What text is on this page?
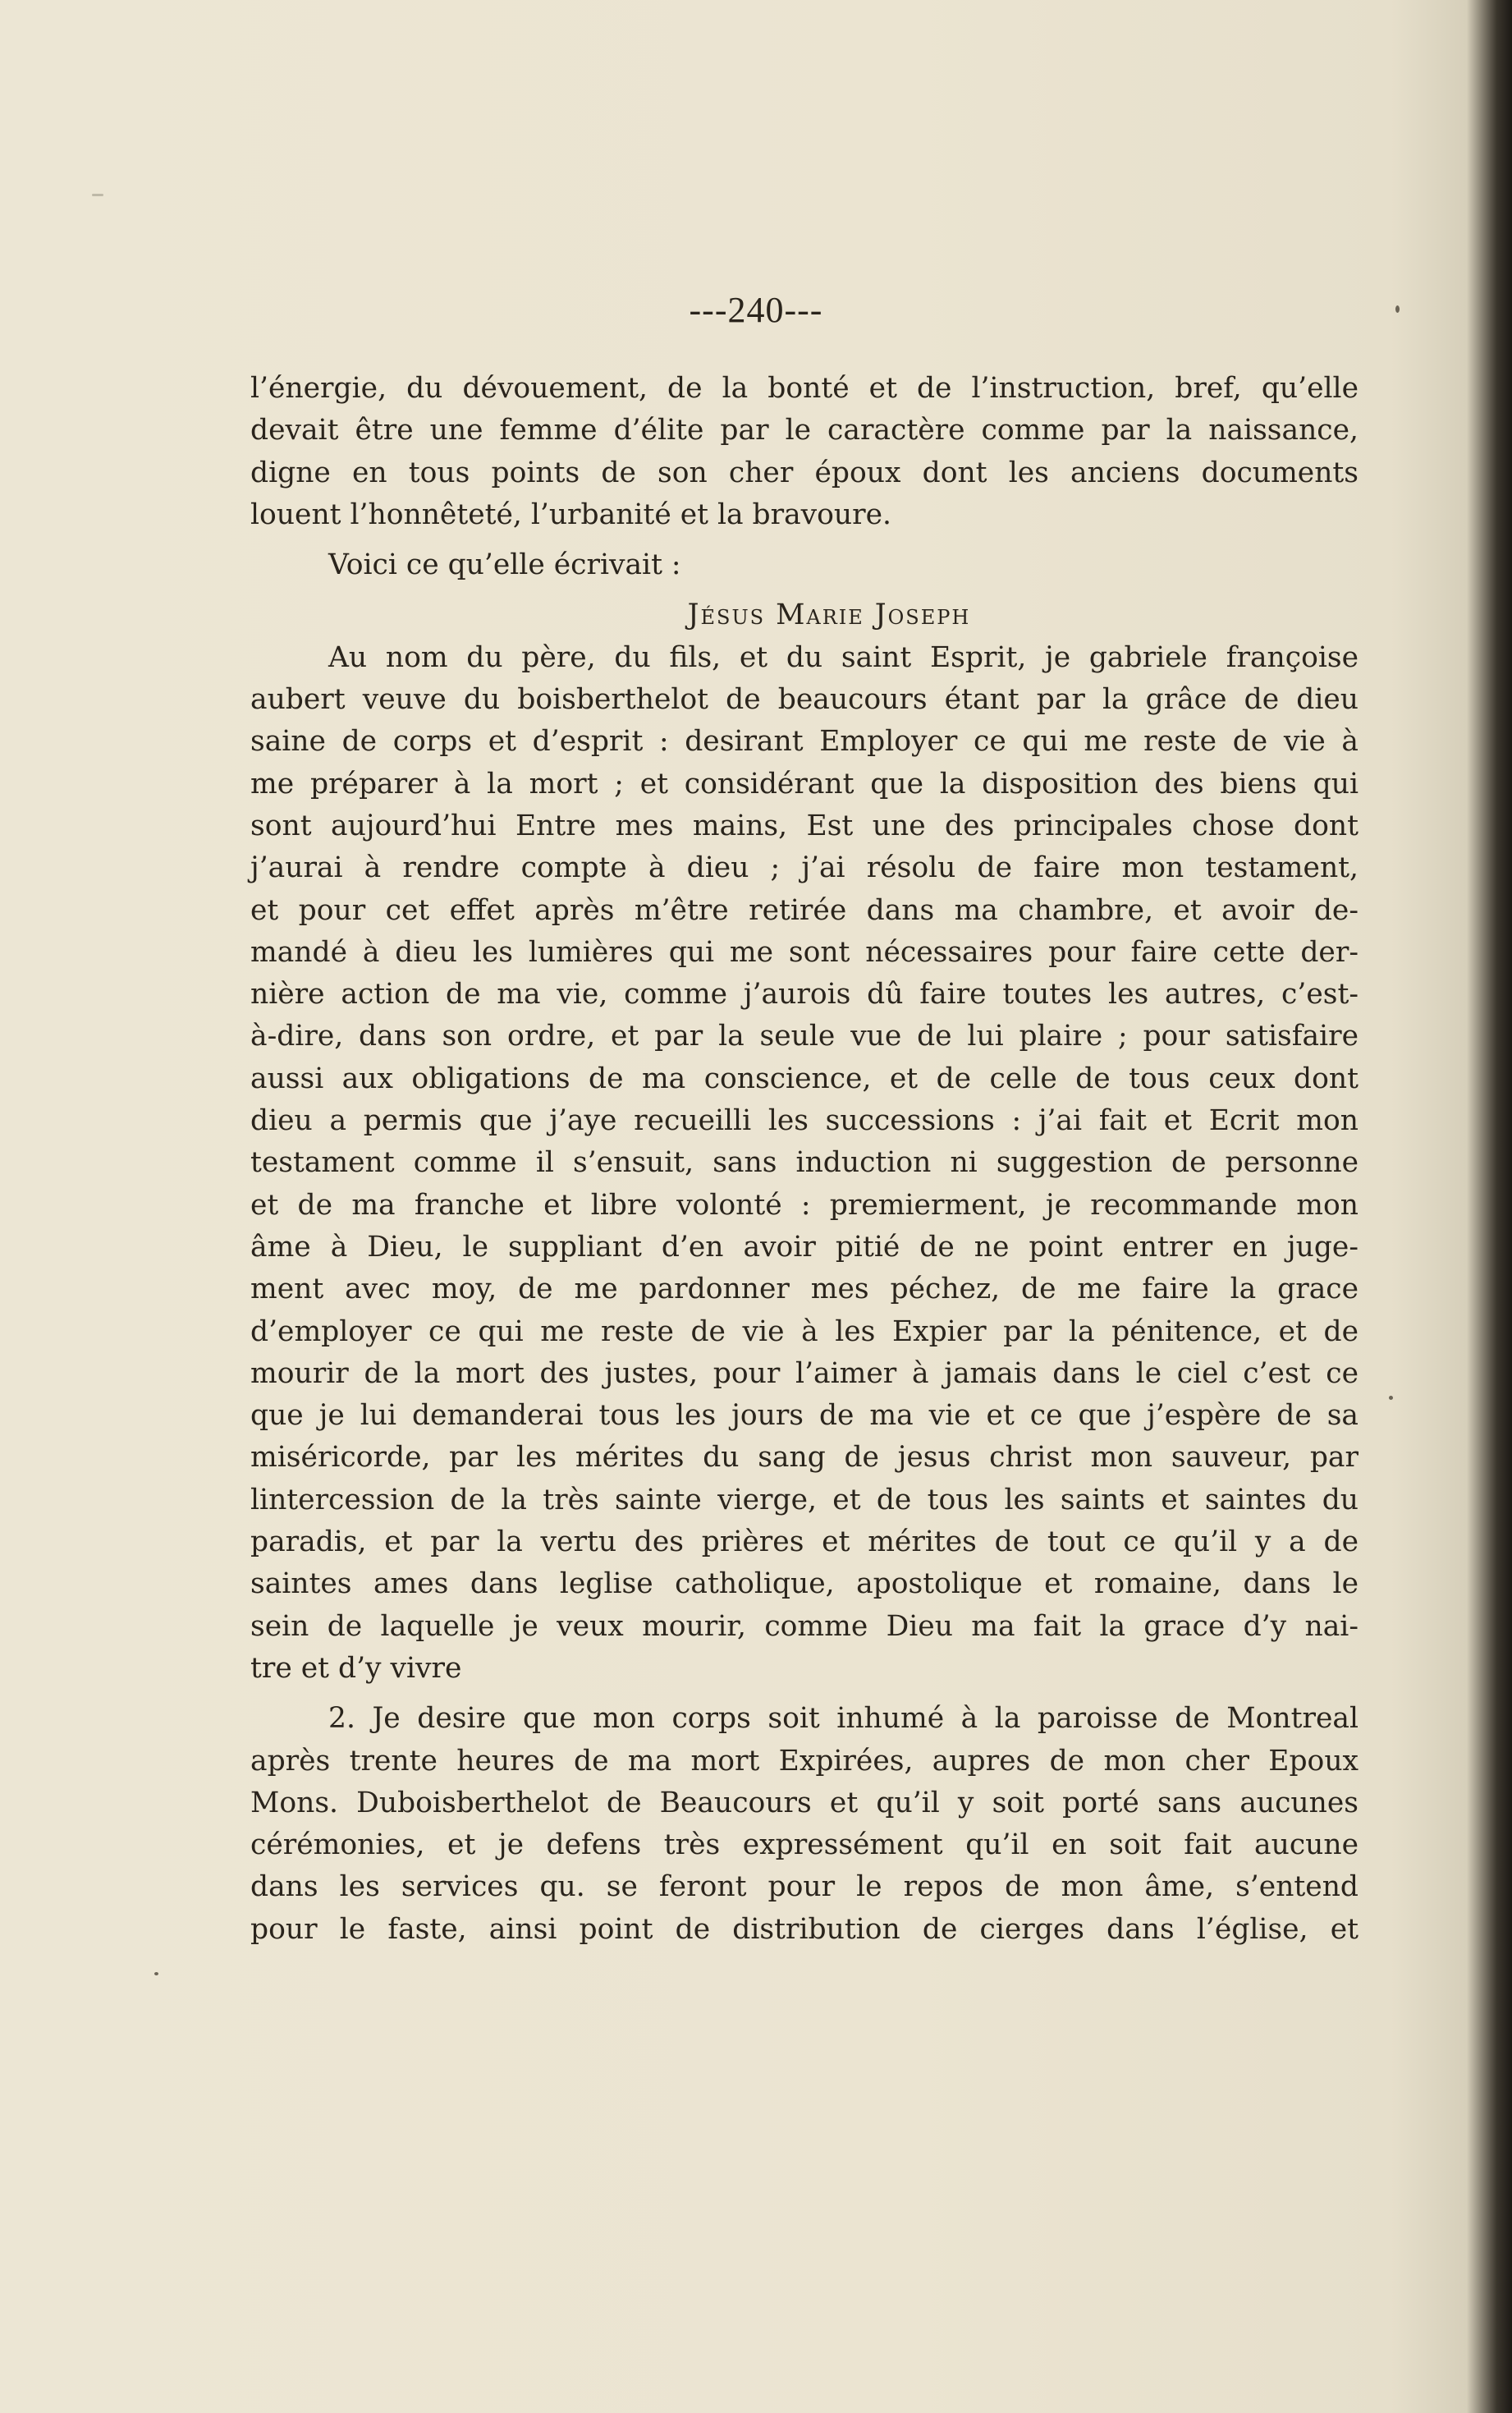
---240---
l’énergie, du dévouement, de la bonté et de l’instruction, bref, qu’elle
devait être une femme d’élite par le caractère comme par la naissance,
digne en tous points de son cher époux dont les anciens documents
louent l’honnêteté, l’urbanité et la bravoure.
Voici ce qu’elle écrivait :
Jésus Marie Joseph
Au nom du père, du fils, et du saint Esprit, je gabriele françoise
aubert veuve du boisberthelot de beaucours étant par la grâce de dieu
saine de corps et d’esprit : desirant Employer ce qui me reste de vie à
me préparer à la mort ; et considérant que la disposition des biens qui
sont aujourd’hui Entre mes mains, Est une des principales chose dont
j’aurai à rendre compte à dieu ; j’ai résolu de faire mon testament,
et pour cet effet après m’être retirée dans ma chambre, et avoir de-
mandé à dieu les lumières qui me sont nécessaires pour faire cette der-
nière action de ma vie, comme j’aurois dû faire toutes les autres, c’est-
à-dire, dans son ordre, et par la seule vue de lui plaire ; pour satisfaire
aussi aux obligations de ma conscience, et de celle de tous ceux dont
dieu a permis que j’aye recueilli les successions : j’ai fait et Ecrit mon
testament comme il s’ensuit, sans induction ni suggestion de personne
et de ma franche et libre volonté : premierment, je recommande mon
âme à Dieu, le suppliant d’en avoir pitié de ne point entrer en juge-
ment avec moy, de me pardonner mes péchez, de me faire la grace
d’employer ce qui me reste de vie à les Expier par la pénitence, et de
mourir de la mort des justes, pour l’aimer à jamais dans le ciel c’est ce
que je lui demanderai tous les jours de ma vie et ce que j’espère de sa
miséricorde, par les mérites du sang de jesus christ mon sauveur, par
lintercession de la très sainte vierge, et de tous les saints et saintes du
paradis, et par la vertu des prières et mérites de tout ce qu’il y a de
saintes ames dans leglise catholique, apostolique et romaine, dans le
sein de laquelle je veux mourir, comme Dieu ma fait la grace d’y nai-
tre et d’y vivre
2. Je desire que mon corps soit inhumé à la paroisse de Montreal
après trente heures de ma mort Expirées, aupres de mon cher Epoux
Mons. Duboisberthelot de Beaucours et qu’il y soit porté sans aucunes
cérémonies, et je defens très expressément qu’il en soit fait aucune
dans les services qu. se feront pour le repos de mon âme, s’entend
pour le faste, ainsi point de distribution de cierges dans l’église, et
